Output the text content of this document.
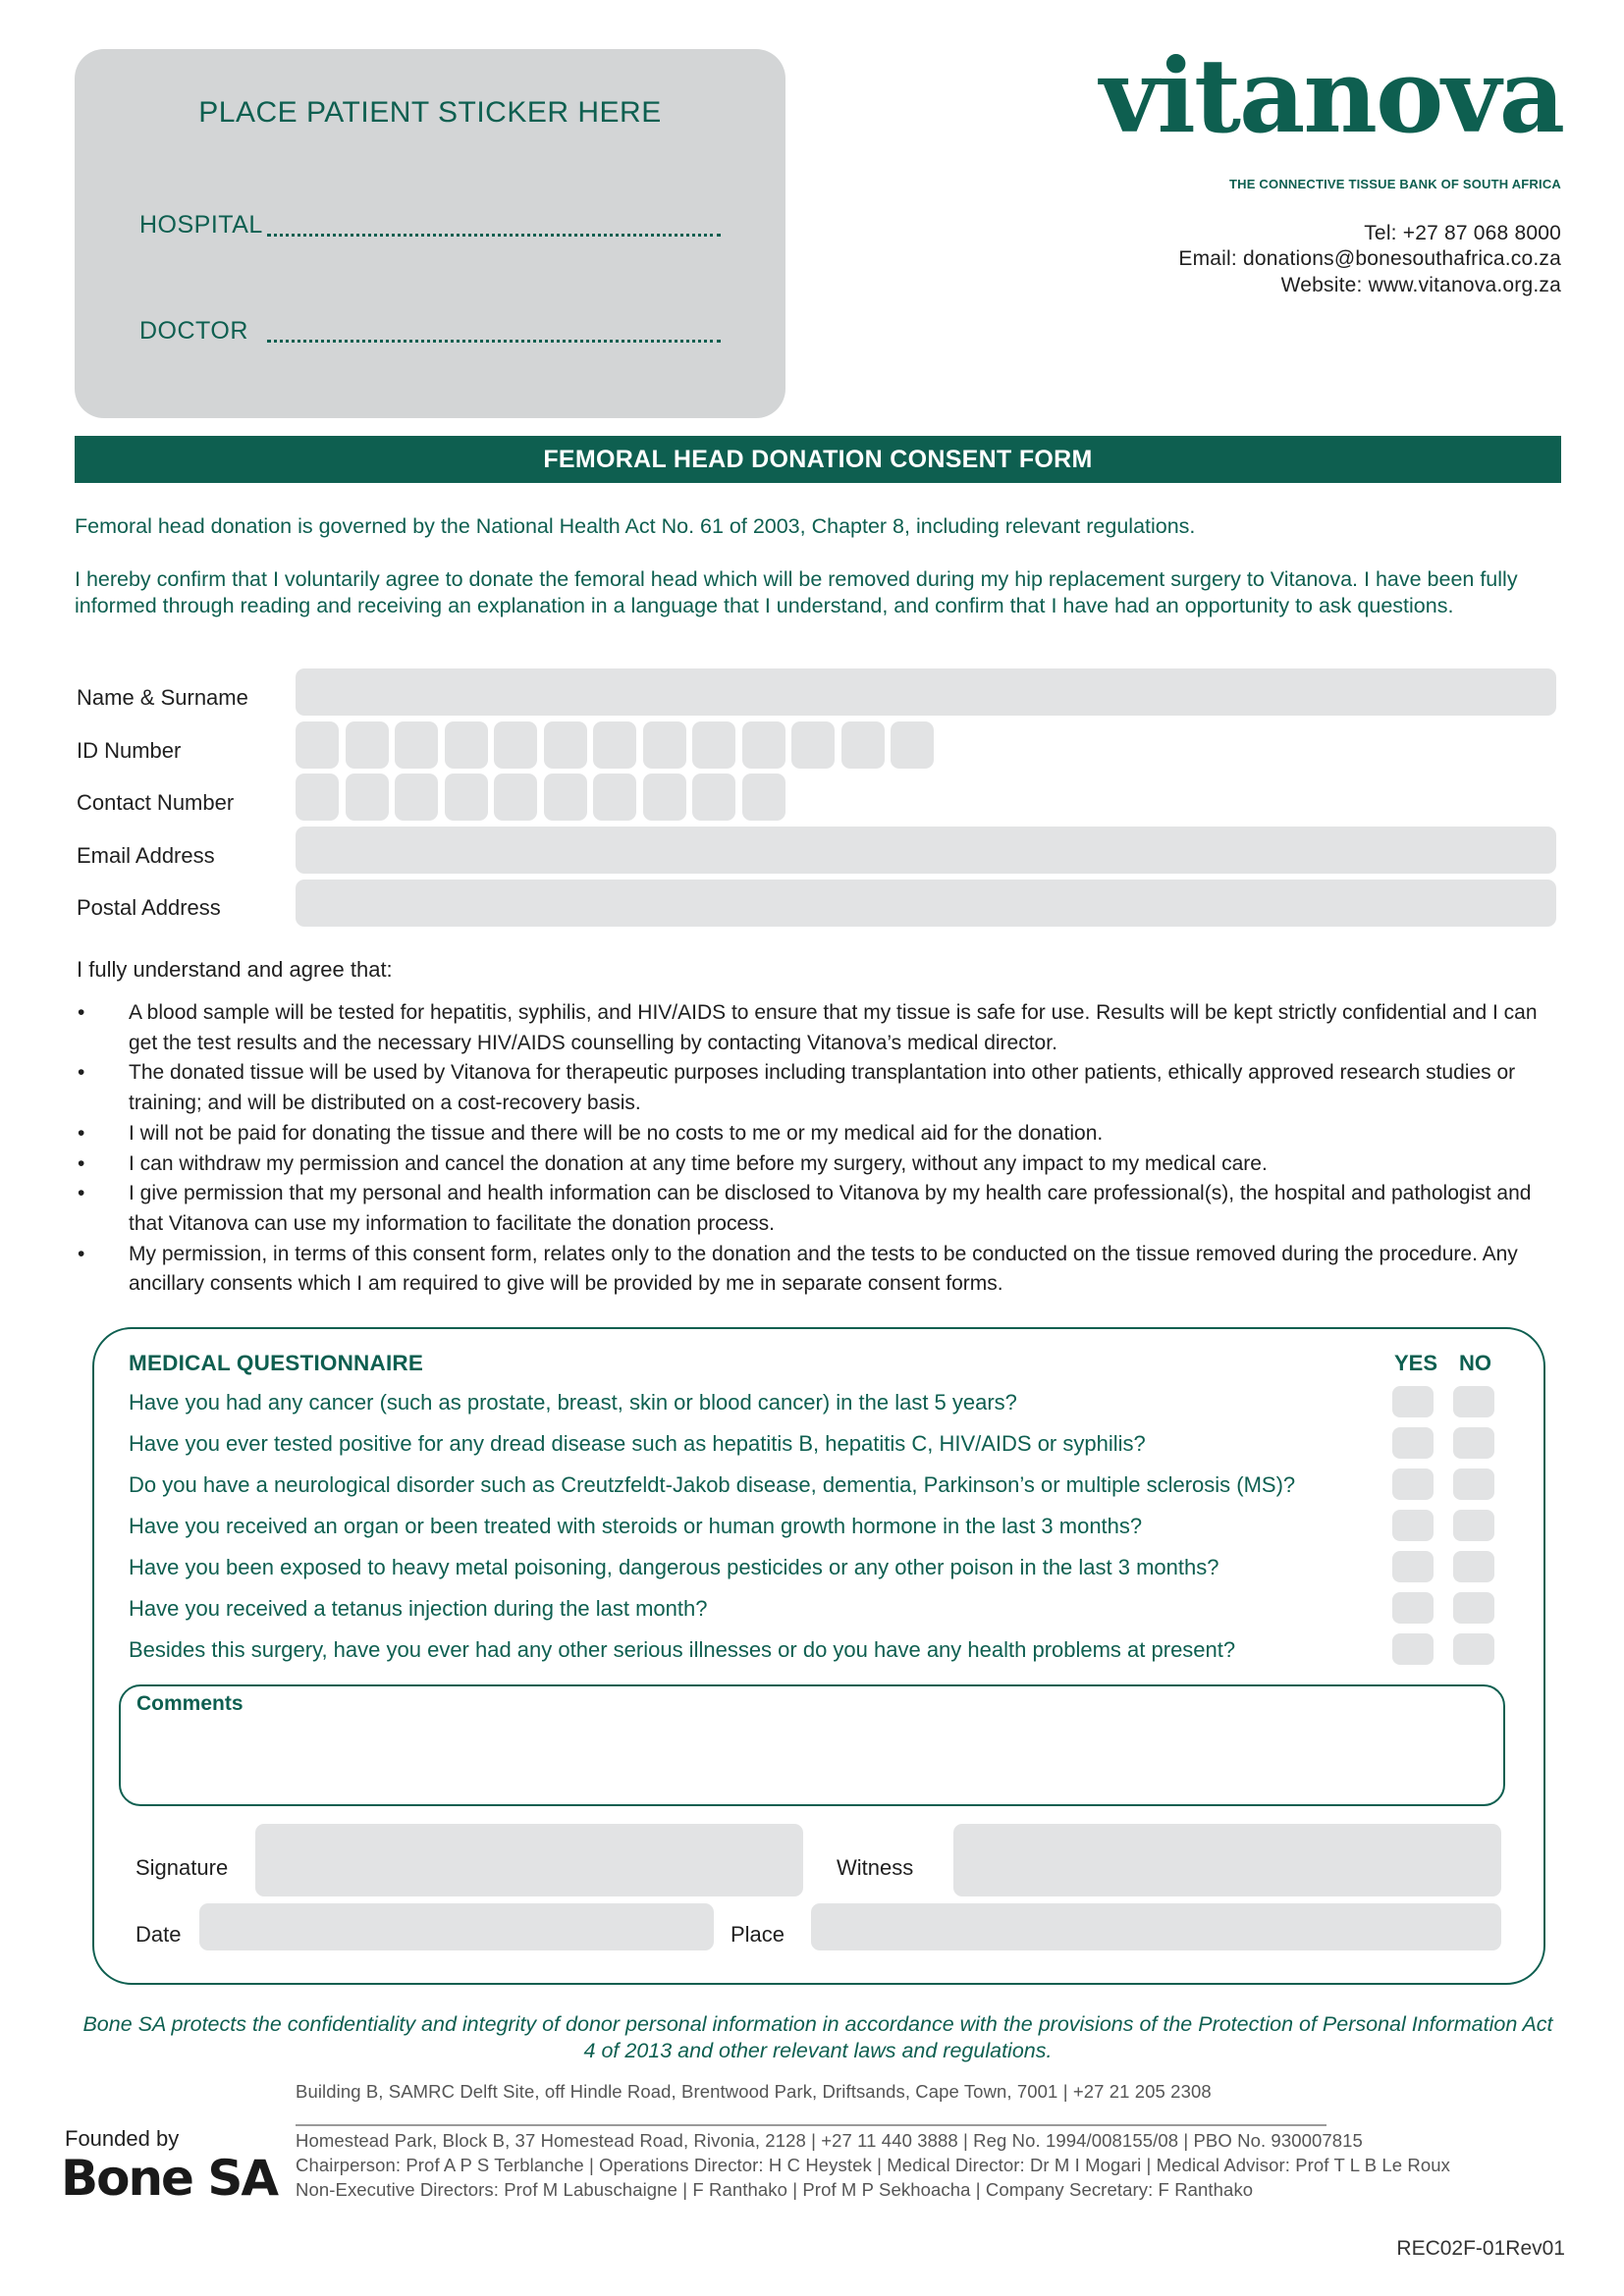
PLACE PATIENT STICKER HERE
HOSPITAL
DOCTOR
vitanova
THE CONNECTIVE TISSUE BANK OF SOUTH AFRICA
Tel: +27 87 068 8000
Email: donations@bonesouthafrica.co.za
Website: www.vitanova.org.za
FEMORAL HEAD DONATION CONSENT FORM
Femoral head donation is governed by the National Health Act No. 61 of 2003, Chapter 8, including relevant regulations.
I hereby confirm that I voluntarily agree to donate the femoral head which will be removed during my hip replacement surgery to Vitanova. I have been fully informed through reading and receiving an explanation in a language that I understand, and confirm that I have had an opportunity to ask questions.
Name & Surname
ID Number
Contact Number
Email Address
Postal Address
I fully understand and agree that:
• A blood sample will be tested for hepatitis, syphilis, and HIV/AIDS to ensure that my tissue is safe for use. Results will be kept strictly confidential and I can get the test results and the necessary HIV/AIDS counselling by contacting Vitanova’s medical director.
• The donated tissue will be used by Vitanova for therapeutic purposes including transplantation into other patients, ethically approved research studies or training; and will be distributed on a cost-recovery basis.
• I will not be paid for donating the tissue and there will be no costs to me or my medical aid for the donation.
• I can withdraw my permission and cancel the donation at any time before my surgery, without any impact to my medical care.
• I give permission that my personal and health information can be disclosed to Vitanova by my health care professional(s), the hospital and pathologist and that Vitanova can use my information to facilitate the donation process.
• My permission, in terms of this consent form, relates only to the donation and the tests to be conducted on the tissue removed during the procedure. Any ancillary consents which I am required to give will be provided by me in separate consent forms.
MEDICAL QUESTIONNAIRE	YES NO
Have you had any cancer (such as prostate, breast, skin or blood cancer) in the last 5 years?
Have you ever tested positive for any dread disease such as hepatitis B, hepatitis C, HIV/AIDS or syphilis?
Do you have a neurological disorder such as Creutzfeldt-Jakob disease, dementia, Parkinson’s or multiple sclerosis (MS)?
Have you received an organ or been treated with steroids or human growth hormone in the last 3 months?
Have you been exposed to heavy metal poisoning, dangerous pesticides or any other poison in the last 3 months?
Have you received a tetanus injection during the last month?
Besides this surgery, have you ever had any other serious illnesses or do you have any health problems at present?
Comments
Signature	Witness
Date	Place
Bone SA protects the confidentiality and integrity of donor personal information in accordance with the provisions of the Protection of Personal Information Act 4 of 2013 and other relevant laws and regulations.
Building B, SAMRC Delft Site, off Hindle Road, Brentwood Park, Driftsands, Cape Town, 7001 | +27 21 205 2308
Homestead Park, Block B, 37 Homestead Road, Rivonia, 2128 | +27 11 440 3888 | Reg No. 1994/008155/08 | PBO No. 930007815
Chairperson: Prof A P S Terblanche | Operations Director: H C Heystek | Medical Director: Dr M I Mogari | Medical Advisor: Prof T L B Le Roux
Non-Executive Directors: Prof M Labuschaigne | F Ranthako | Prof M P Sekhoacha | Company Secretary: F Ranthako
Founded by
Bone SA
REC02F-01Rev01
